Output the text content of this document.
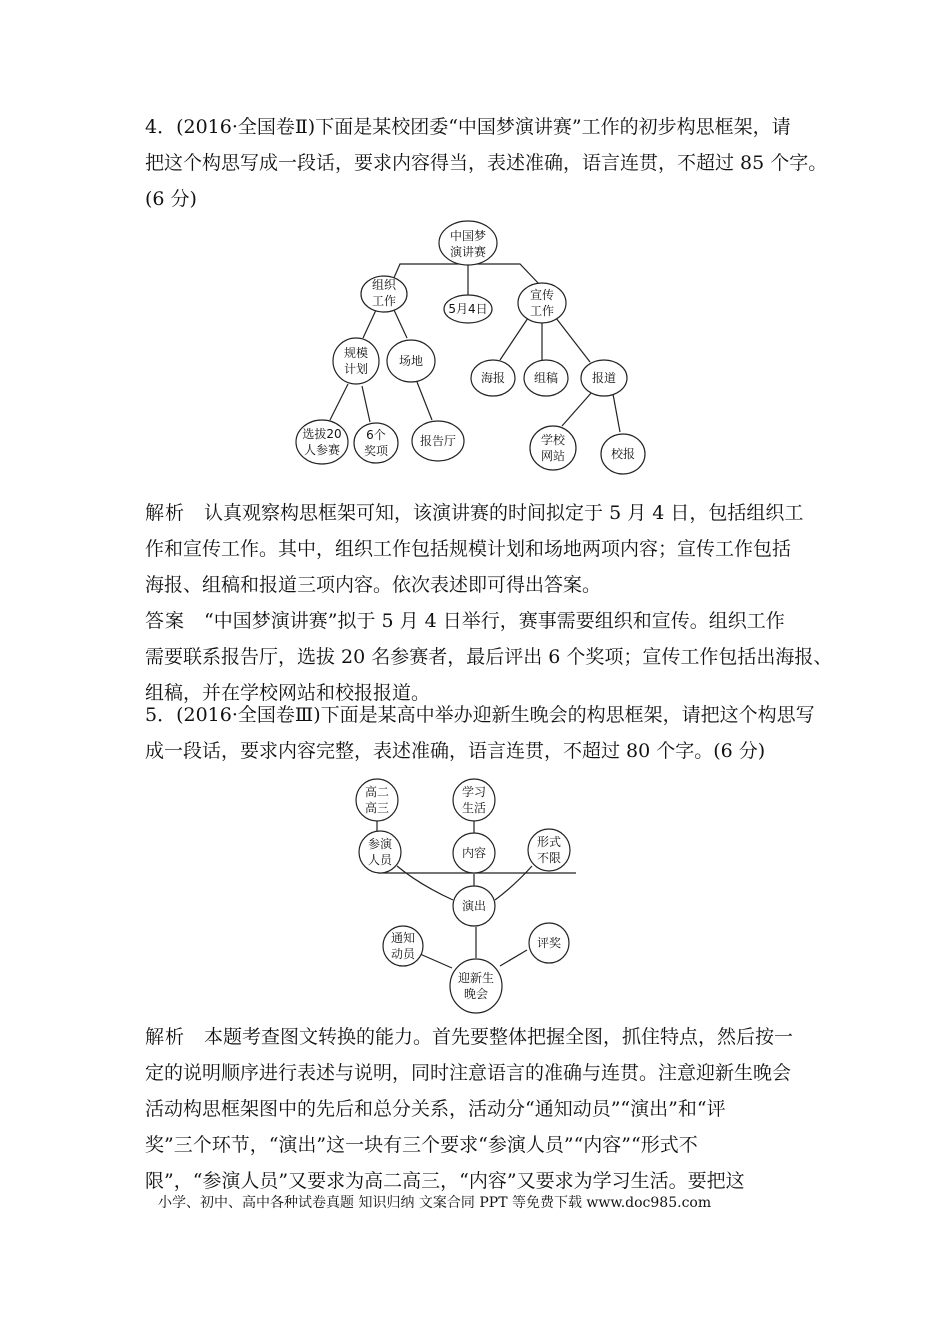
4．(2016·全国卷Ⅱ)下面是某校团委“中国梦演讲赛”工作的初步构思框架，请
把这个构思写成一段话，要求内容得当，表述准确，语言连贯，不超过 85 个字。
(6 分)
中国梦
演讲赛
组织
工作
5月4日
宣传
工作
规模
计划
场地
海报 组稿	报道
选拔20
人参赛
6个
奖项
报告厅	学校
网站	校报
解析　 认真观察构思框架可知，该演讲赛的时间拟定于 5 月 4 日，包括组织工
作和宣传工作。其中，组织工作包括规模计划和场地两项内容；宣传工作包括
海报、组稿和报道三项内容。依次表述即可得出答案。
答案　 “中国梦演讲赛”拟于 5 月 4 日举行，赛事需要组织和宣传。组织工作
需要联系报告厅，选拔 20 名参赛者，最后评出 6 个奖项；宣传工作包括出海报、
组稿，并在学校网站和校报报道。
5．(2016·全国卷Ⅲ)下面是某高中举办迎新生晚会的构思框架，请把这个构思写
成一段话，要求内容完整，表述准确，语言连贯，不超过 80 个字。(6 分)
高二
高三
学习
生活
参演
人员	内容
形式
不限
演出
通知
动员
评奖
迎新生
晚会
解析　 本题考查图文转换的能力。首先要整体把握全图，抓住特点，然后按一
定的说明顺序进行表述与说明，同时注意语言的准确与连贯。注意迎新生晚会
活动构思框架图中的先后和总分关系，活动分“通知动员”“演出”和“评
奖”三个环节，“演出”这一块有三个要求“参演人员”“内容”“形式不
限”，“参演人员”又要求为高二高三，“内容”又要求为学习生活。要把这
小学、初中、高中各种试卷真题 知识归纳 文案合同 PPT 等免费下载 www.doc985.com
